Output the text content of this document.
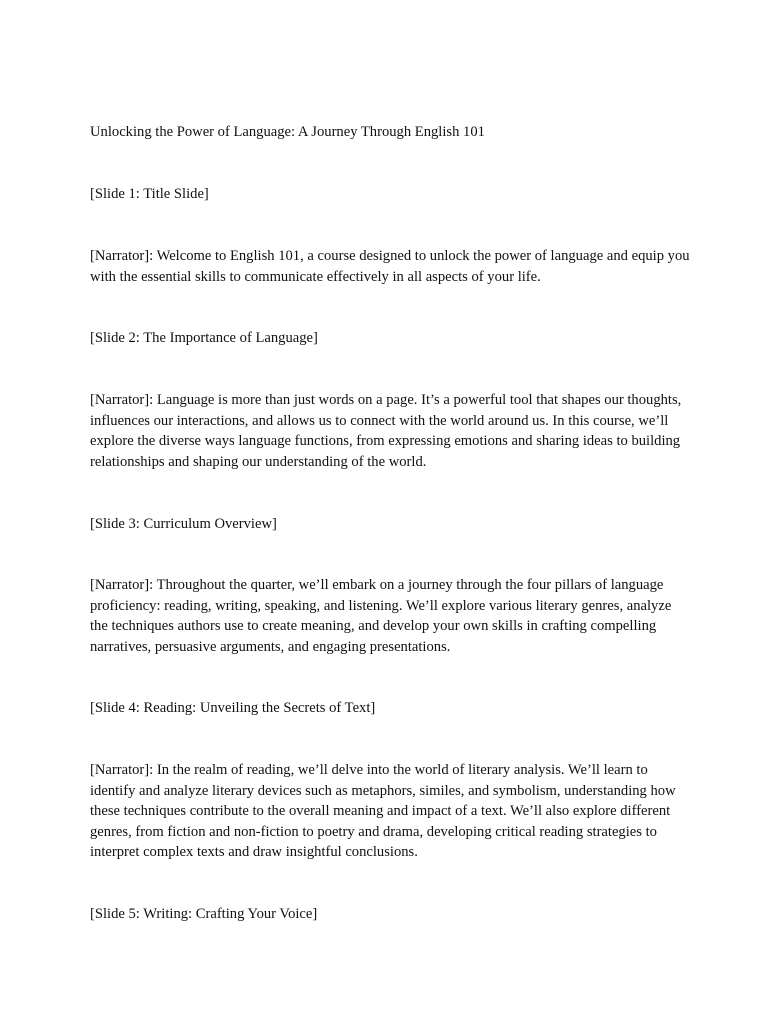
Unlocking the Power of Language: A Journey Through English 101

[Slide 1: Title Slide]

[Narrator]: Welcome to English 101, a course designed to unlock the power of language and equip you with the essential skills to communicate effectively in all aspects of your life.

[Slide 2: The Importance of Language]

[Narrator]: Language is more than just words on a page. It’s a powerful tool that shapes our thoughts, influences our interactions, and allows us to connect with the world around us. In this course, we’ll explore the diverse ways language functions, from expressing emotions and sharing ideas to building relationships and shaping our understanding of the world.

[Slide 3: Curriculum Overview]

[Narrator]: Throughout the quarter, we’ll embark on a journey through the four pillars of language proficiency: reading, writing, speaking, and listening. We’ll explore various literary genres, analyze the techniques authors use to create meaning, and develop your own skills in crafting compelling narratives, persuasive arguments, and engaging presentations.

[Slide 4: Reading: Unveiling the Secrets of Text]

[Narrator]: In the realm of reading, we’ll delve into the world of literary analysis. We’ll learn to identify and analyze literary devices such as metaphors, similes, and symbolism, understanding how these techniques contribute to the overall meaning and impact of a text. We’ll also explore different genres, from fiction and non-fiction to poetry and drama, developing critical reading strategies to interpret complex texts and draw insightful conclusions.

[Slide 5: Writing: Crafting Your Voice]
